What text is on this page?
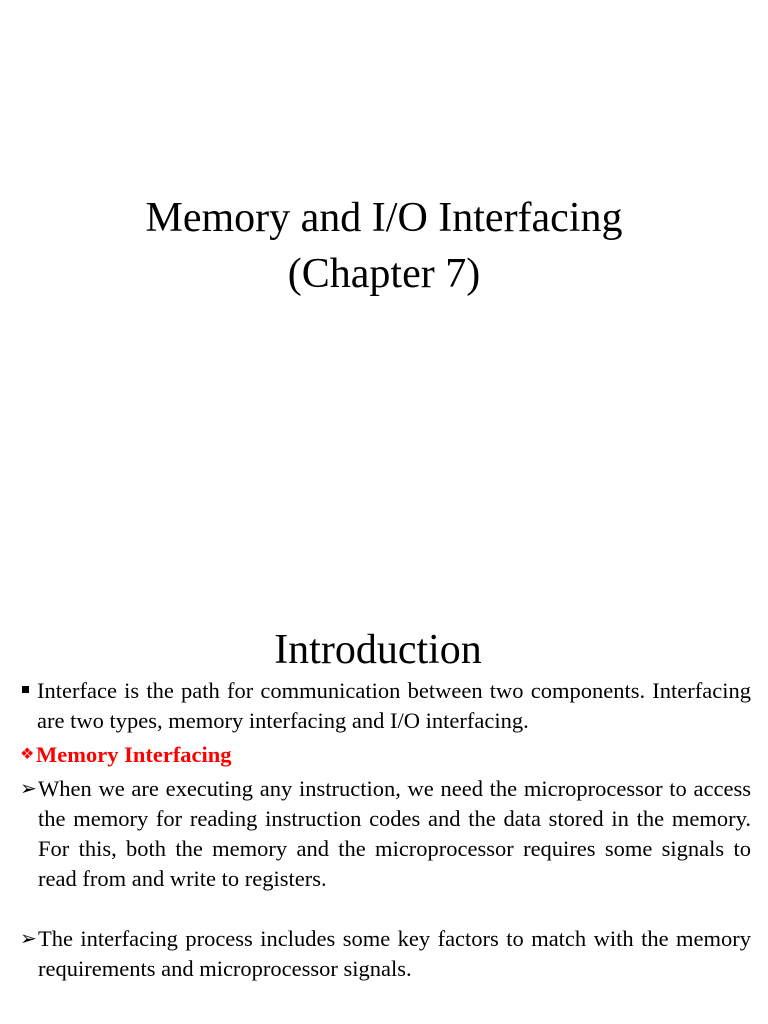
Memory and I/O Interfacing
(Chapter 7)
Introduction
Interface is the path for communication between two components. Interfacing are two types, memory interfacing and I/O interfacing.
❖ Memory Interfacing
➢ When we are executing any instruction, we need the microprocessor to access the memory for reading instruction codes and the data stored in the memory. For this, both the memory and the microprocessor requires some signals to read from and write to registers.
➢ The interfacing process includes some key factors to match with the memory requirements and microprocessor signals.
